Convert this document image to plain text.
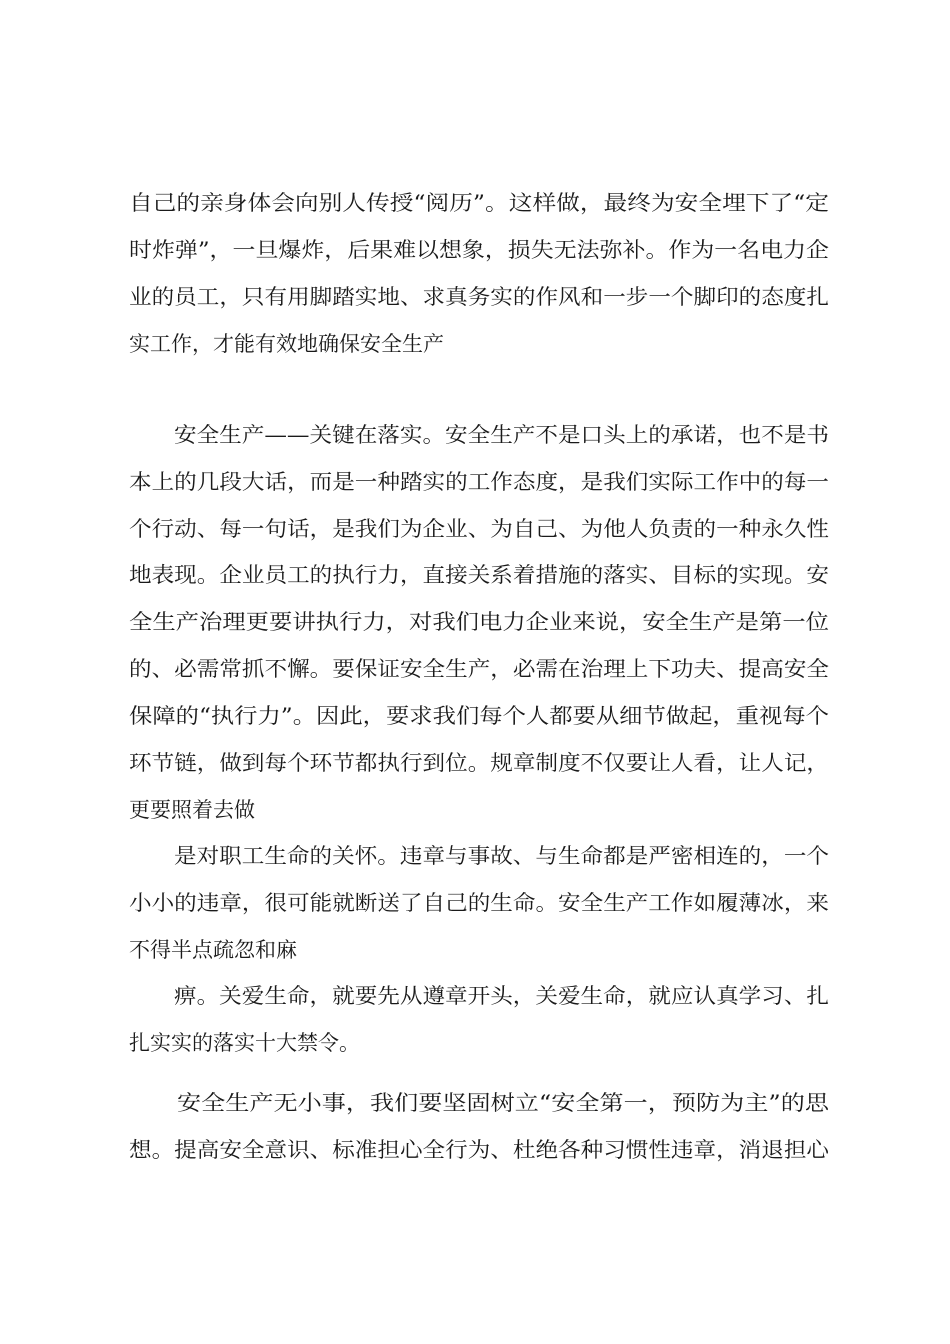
自己的亲身体会向别人传授“阅历”。这样做，最终为安全埋下了“定
时炸弹”，一旦爆炸，后果难以想象，损失无法弥补。作为一名电力企
业的员工，只有用脚踏实地、求真务实的作风和一步一个脚印的态度扎
实工作，才能有效地确保安全生产
安全生产——关键在落实。安全生产不是口头上的承诺，也不是书
本上的几段大话，而是一种踏实的工作态度，是我们实际工作中的每一
个行动、每一句话，是我们为企业、为自己、为他人负责的一种永久性
地表现。企业员工的执行力，直接关系着措施的落实、目标的实现。安
全生产治理更要讲执行力，对我们电力企业来说，安全生产是第一位
的、必需常抓不懈。要保证安全生产，必需在治理上下功夫、提高安全
保障的“执行力”。因此，要求我们每个人都要从细节做起，重视每个
环节链，做到每个环节都执行到位。规章制度不仅要让人看，让人记，
更要照着去做
是对职工生命的关怀。违章与事故、与生命都是严密相连的，一个
小小的违章，很可能就断送了自己的生命。安全生产工作如履薄冰，来
不得半点疏忽和麻
痹。关爱生命，就要先从遵章开头，关爱生命，就应认真学习、扎
扎实实的落实十大禁令。
安全生产无小事，我们要坚固树立“安全第一，预防为主”的思
想。提高安全意识、标准担心全行为、杜绝各种习惯性违章，消退担心
